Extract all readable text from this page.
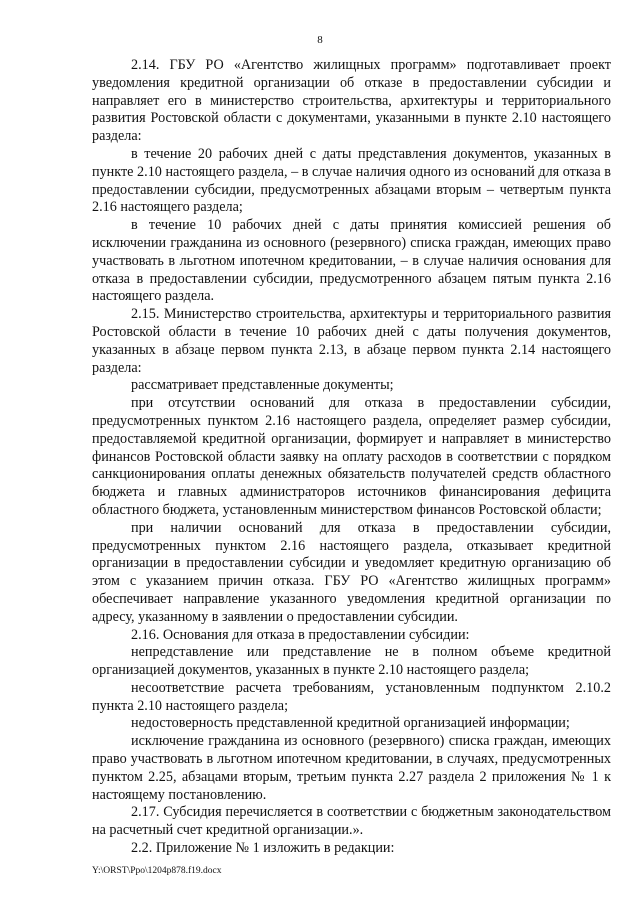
8

2.14. ГБУ РО «Агентство жилищных программ» подготавливает проект уведомления кредитной организации об отказе в предоставлении субсидии и направляет его в министерство строительства, архитектуры и территориального развития Ростовской области с документами, указанными в пункте 2.10 настоящего раздела:

в течение 20 рабочих дней с даты представления документов, указанных в пункте 2.10 настоящего раздела, – в случае наличия одного из оснований для отказа в предоставлении субсидии, предусмотренных абзацами вторым – четвертым пункта 2.16 настоящего раздела;

в течение 10 рабочих дней с даты принятия комиссией решения об исключении гражданина из основного (резервного) списка граждан, имеющих право участвовать в льготном ипотечном кредитовании, – в случае наличия основания для отказа в предоставлении субсидии, предусмотренного абзацем пятым пункта 2.16 настоящего раздела.

2.15. Министерство строительства, архитектуры и территориального развития Ростовской области в течение 10 рабочих дней с даты получения документов, указанных в абзаце первом пункта 2.13, в абзаце первом пункта 2.14 настоящего раздела:

рассматривает представленные документы;

при отсутствии оснований для отказа в предоставлении субсидии, предусмотренных пунктом 2.16 настоящего раздела, определяет размер субсидии, предоставляемой кредитной организации, формирует и направляет в министерство финансов Ростовской области заявку на оплату расходов в соответствии с порядком санкционирования оплаты денежных обязательств получателей средств областного бюджета и главных администраторов источников финансирования дефицита областного бюджета, установленным министерством финансов Ростовской области;

при наличии оснований для отказа в предоставлении субсидии, предусмотренных пунктом 2.16 настоящего раздела, отказывает кредитной организации в предоставлении субсидии и уведомляет кредитную организацию об этом с указанием причин отказа. ГБУ РО «Агентство жилищных программ» обеспечивает направление указанного уведомления кредитной организации по адресу, указанному в заявлении о предоставлении субсидии.

2.16. Основания для отказа в предоставлении субсидии:

непредставление или представление не в полном объеме кредитной организацией документов, указанных в пункте 2.10 настоящего раздела;

несоответствие расчета требованиям, установленным подпунктом 2.10.2 пункта 2.10 настоящего раздела;

недостоверность представленной кредитной организацией информации;

исключение гражданина из основного (резервного) списка граждан, имеющих право участвовать в льготном ипотечном кредитовании, в случаях, предусмотренных пунктом 2.25, абзацами вторым, третьим пункта 2.27 раздела 2 приложения № 1 к настоящему постановлению.

2.17. Субсидия перечисляется в соответствии с бюджетным законодательством на расчетный счет кредитной организации.».

2.2. Приложение № 1 изложить в редакции:

Y:\ORST\Ppo\1204p878.f19.docx
